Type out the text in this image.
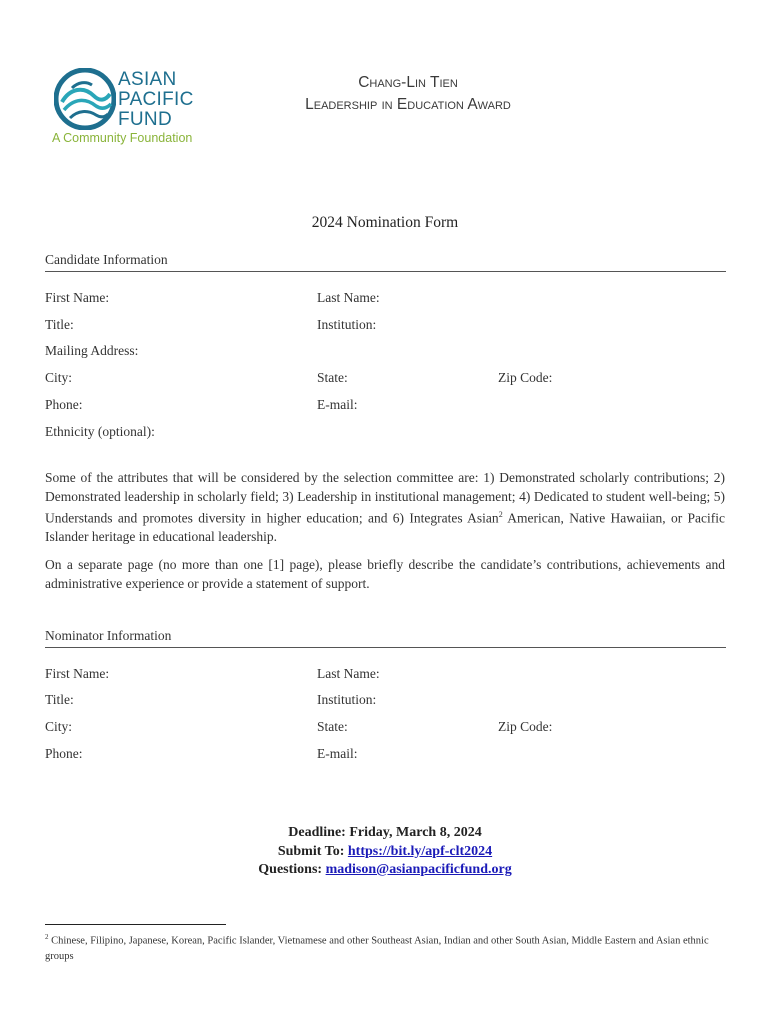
ASIAN
PACIFIC
FUND
A Community Foundation
Chang-Lin Tien
Leadership in Education Award
2024 Nomination Form
Candidate Information
First Name:	Last Name:
Title:	Institution:
Mailing Address:
City:	State:	Zip Code:
Phone:	E-mail:
Ethnicity (optional):
Some of the attributes that will be considered by the selection committee are: 1) Demonstrated scholarly contributions; 2) Demonstrated leadership in scholarly field; 3) Leadership in institutional management; 4) Dedicated to student well-being; 5) Understands and promotes diversity in higher education; and 6) Integrates Asian$^2$ American, Native Hawaiian, or Pacific Islander heritage in educational leadership.
On a separate page (no more than one [1] page), please briefly describe the candidate’s contributions, achievements and administrative experience or provide a statement of support.
Nominator Information
First Name:	Last Name:
Title:	Institution:
City:	State:	Zip Code:
Phone:	E-mail:
Deadline: Friday, March 8, 2024
Submit To: https://bit.ly/apf-clt2024
Questions: madison@asianpacificfund.org
$^2$ Chinese, Filipino, Japanese, Korean, Pacific Islander, Vietnamese and other Southeast Asian, Indian and other South Asian, Middle Eastern and Asian ethnic groups
